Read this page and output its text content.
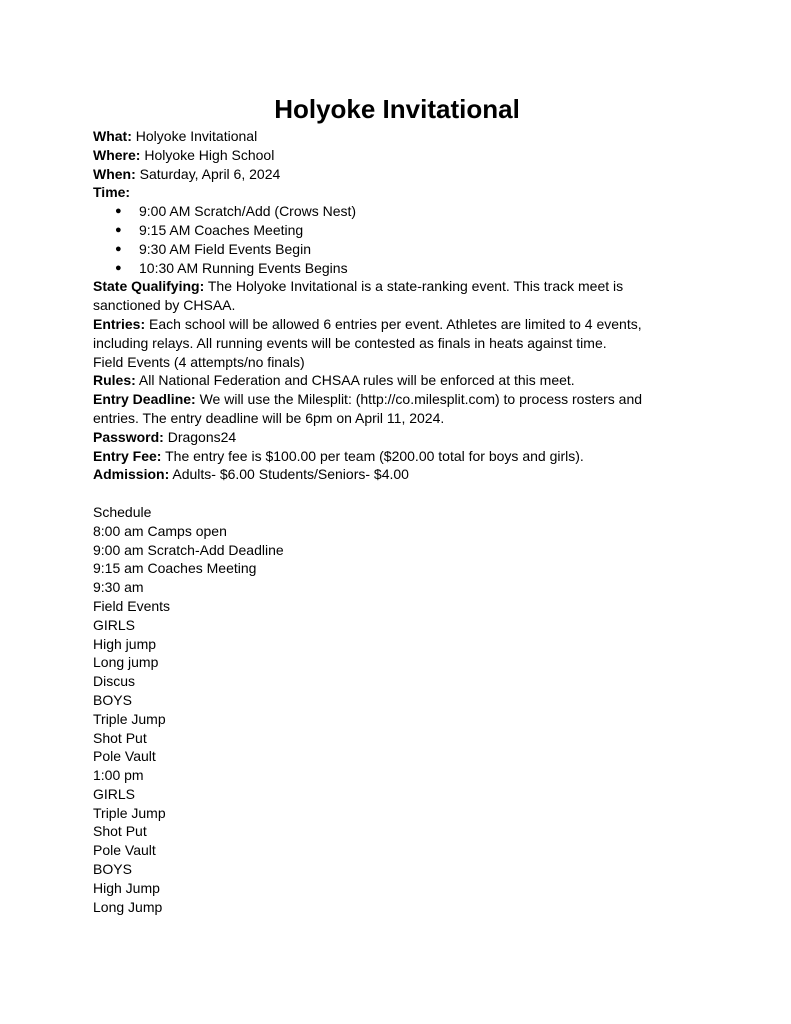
Holyoke Invitational
What: Holyoke Invitational
Where: Holyoke High School
When: Saturday, April 6, 2024
Time:
● 9:00 AM Scratch/Add (Crows Nest)
● 9:15 AM Coaches Meeting
● 9:30 AM Field Events Begin
● 10:30 AM Running Events Begins
State Qualifying: The Holyoke Invitational is a state-ranking event. This track meet is
sanctioned by CHSAA.
Entries: Each school will be allowed 6 entries per event. Athletes are limited to 4 events,
including relays. All running events will be contested as finals in heats against time.
Field Events (4 attempts/no finals)
Rules: All National Federation and CHSAA rules will be enforced at this meet.
Entry Deadline: We will use the Milesplit: (http://co.milesplit.com) to process rosters and
entries. The entry deadline will be 6pm on April 11, 2024.
Password: Dragons24
Entry Fee: The entry fee is $100.00 per team ($200.00 total for boys and girls).
Admission: Adults- $6.00 Students/Seniors- $4.00
Schedule
8:00 am Camps open
9:00 am Scratch-Add Deadline
9:15 am Coaches Meeting
9:30 am
Field Events
GIRLS
High jump
Long jump
Discus
BOYS
Triple Jump
Shot Put
Pole Vault
1:00 pm
GIRLS
Triple Jump
Shot Put
Pole Vault
BOYS
High Jump
Long Jump
